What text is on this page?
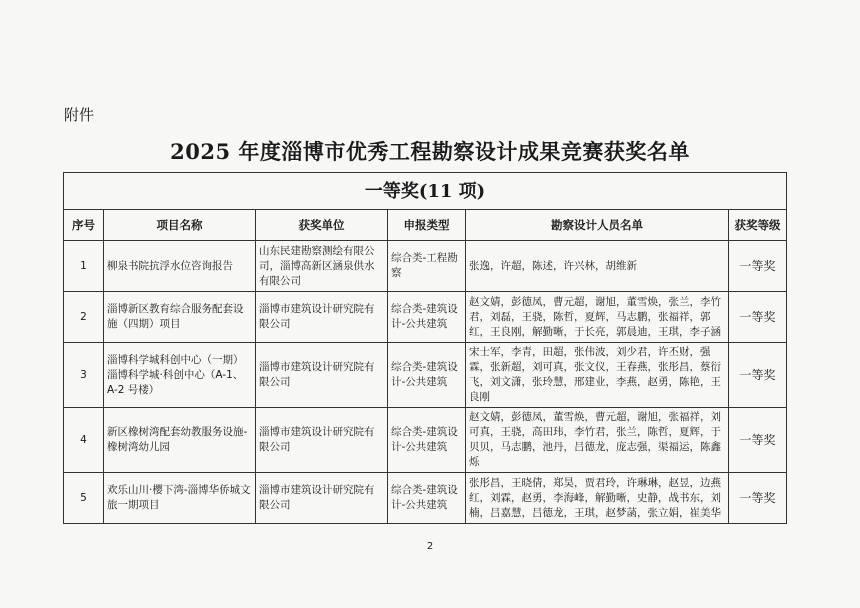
附件
2025 年度淄博市优秀工程勘察设计成果竞赛获奖名单
一等奖(11 项)					
序号	项目名称	获奖单位	申报类型	勘察设计人员名单	获奖等级
1	柳泉书院抗浮水位咨询报告	山东民建勘察测绘有限公司，淄博高新区涵泉供水有限公司	综合类-工程勘察	张逸，许超，陈述，许兴林，胡维新	一等奖
2	淄博新区教育综合服务配套设施（四期）项目	淄博市建筑设计研究院有限公司	综合类-建筑设计-公共建筑	赵文婧，彭德凤，曹元超，谢旭，董雪焕，张兰，李竹君，刘磊，王骁，陈哲，夏辉，马志鹏，张福祥，郭红，王良刚，解勤晰，于长亮，郭晨迪，王琪，李子涵	一等奖
3	淄博科学城科创中心（一期）淄博科学城·科创中心（A-1、A-2 号楼）	淄博市建筑设计研究院有限公司	综合类-建筑设计-公共建筑	宋士军，李青，田超，张伟波，刘少君，许丕财，强霖，张新超，刘可真，张文仪，王春燕，张彤昌，蔡衍飞，刘文潇，张玲慧，邢建业，李燕，赵勇，陈艳，王良刚	一等奖
4	新区橡树湾配套幼教服务设施-橡树湾幼儿园	淄博市建筑设计研究院有限公司	综合类-建筑设计-公共建筑	赵文婧，彭德凤，董雪焕，曹元超，谢旭，张福祥，刘可真，王骁，高田玮，李竹君，张兰，陈哲，夏辉，于贝贝，马志鹏，池丹，吕德龙，庞志强，渠福运，陈鑫烁	一等奖
5	欢乐山川·樱下湾-淄博华侨城文旅一期项目	淄博市建筑设计研究院有限公司	综合类-建筑设计-公共建筑	张彤昌，王晓倩，郑昊，贾君玲，许琳琳，赵昱，边燕红，刘霖，赵勇，李海峰，解勤晰，史静，战书东，刘楠，吕嘉慧，吕德龙，王琪，赵梦菡，张立娟，崔美华	一等奖
2
